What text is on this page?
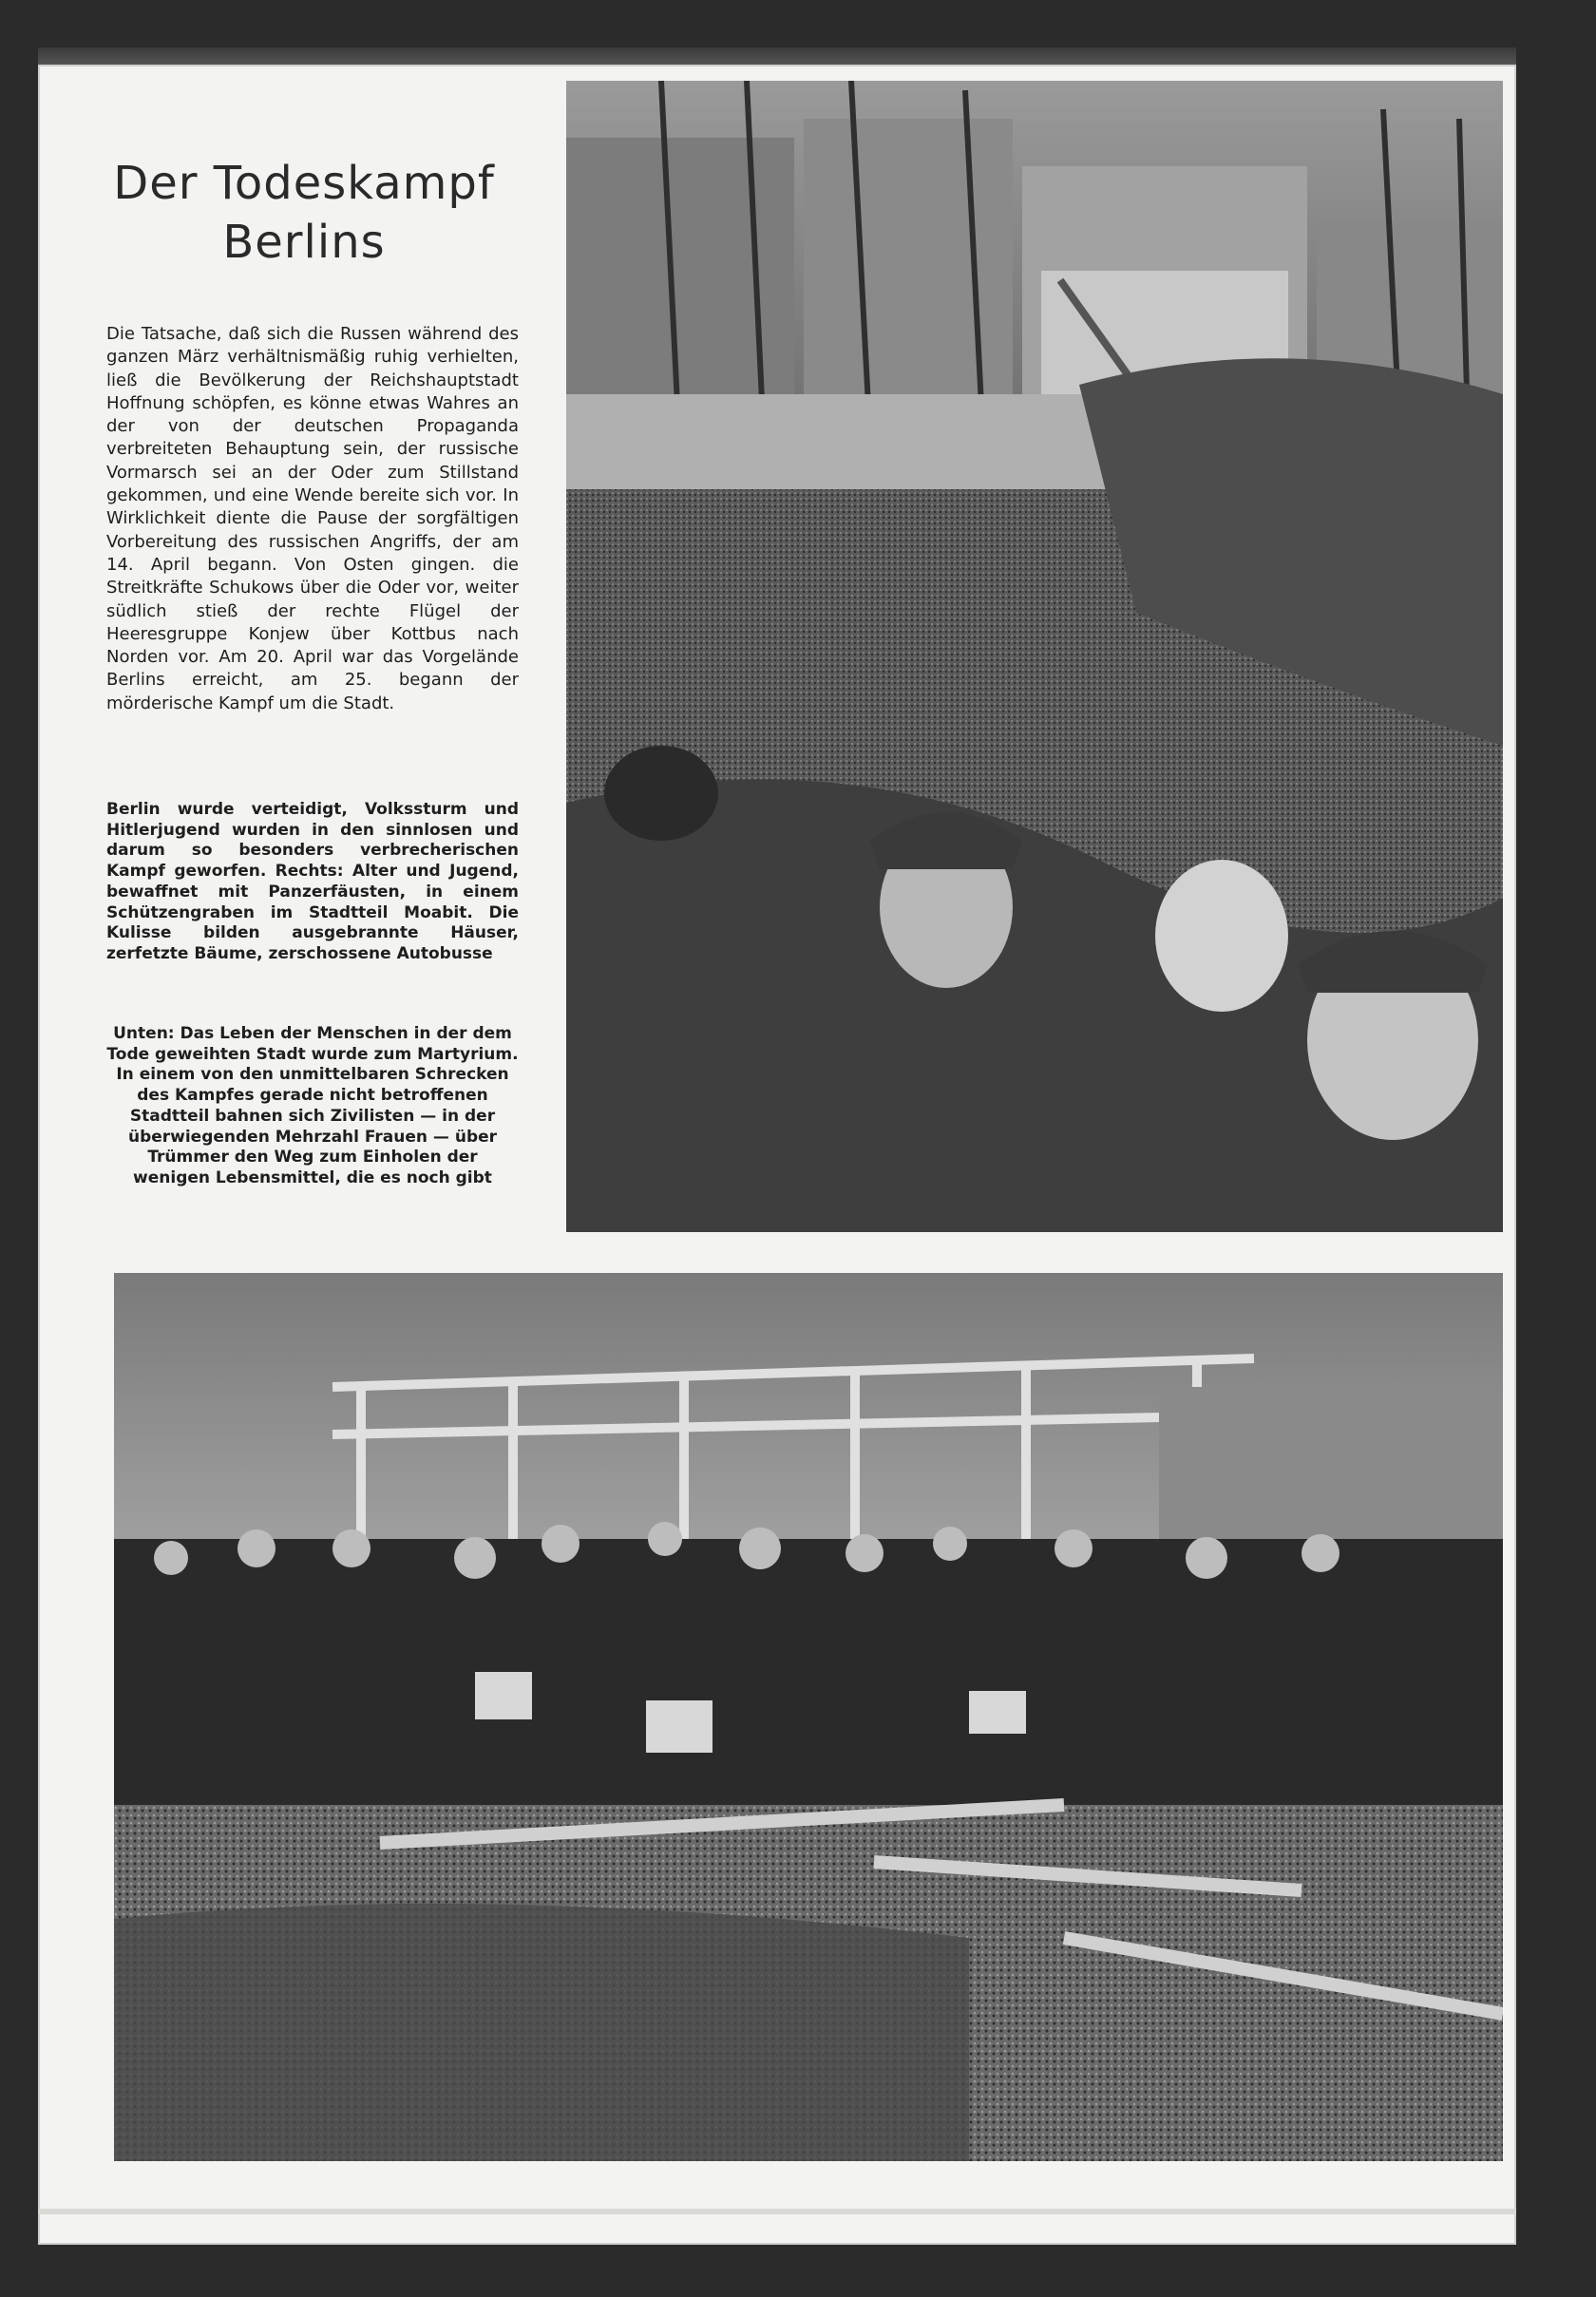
Der Todeskampf
Berlins

Die Tatsache, daß sich die Russen während des ganzen März verhältnismäßig ruhig verhielten, ließ die Bevölkerung der Reichshauptstadt Hoffnung schöpfen, es könne etwas Wahres an der von der deutschen Propaganda verbreiteten Behauptung sein, der russische Vormarsch sei an der Oder zum Stillstand gekommen, und eine Wende bereite sich vor. In Wirklichkeit diente die Pause der sorgfältigen Vorbereitung des russischen Angriffs, der am 14. April begann. Von Osten gingen. die Streitkräfte Schukows über die Oder vor, weiter südlich stieß der rechte Flügel der Heeresgruppe Konjew über Kottbus nach Norden vor. Am 20. April war das Vorgelände Berlins erreicht, am 25. begann der mörderische Kampf um die Stadt.

Berlin wurde verteidigt, Volkssturm und Hitlerjugend wurden in den sinnlosen und darum so besonders verbrecherischen Kampf geworfen. Rechts: Alter und Jugend, bewaffnet mit Panzerfäusten, in einem Schützengraben im Stadtteil Moabit. Die Kulisse bilden ausgebrannte Häuser, zerfetzte Bäume, zerschossene Autobusse

Unten: Das Leben der Menschen in der dem Tode geweihten Stadt wurde zum Martyrium. In einem von den unmittelbaren Schrecken des Kampfes gerade nicht betroffenen Stadtteil bahnen sich Zivilisten — in der überwiegenden Mehrzahl Frauen — über Trümmer den Weg zum Einholen der wenigen Lebensmittel, die es noch gibt
